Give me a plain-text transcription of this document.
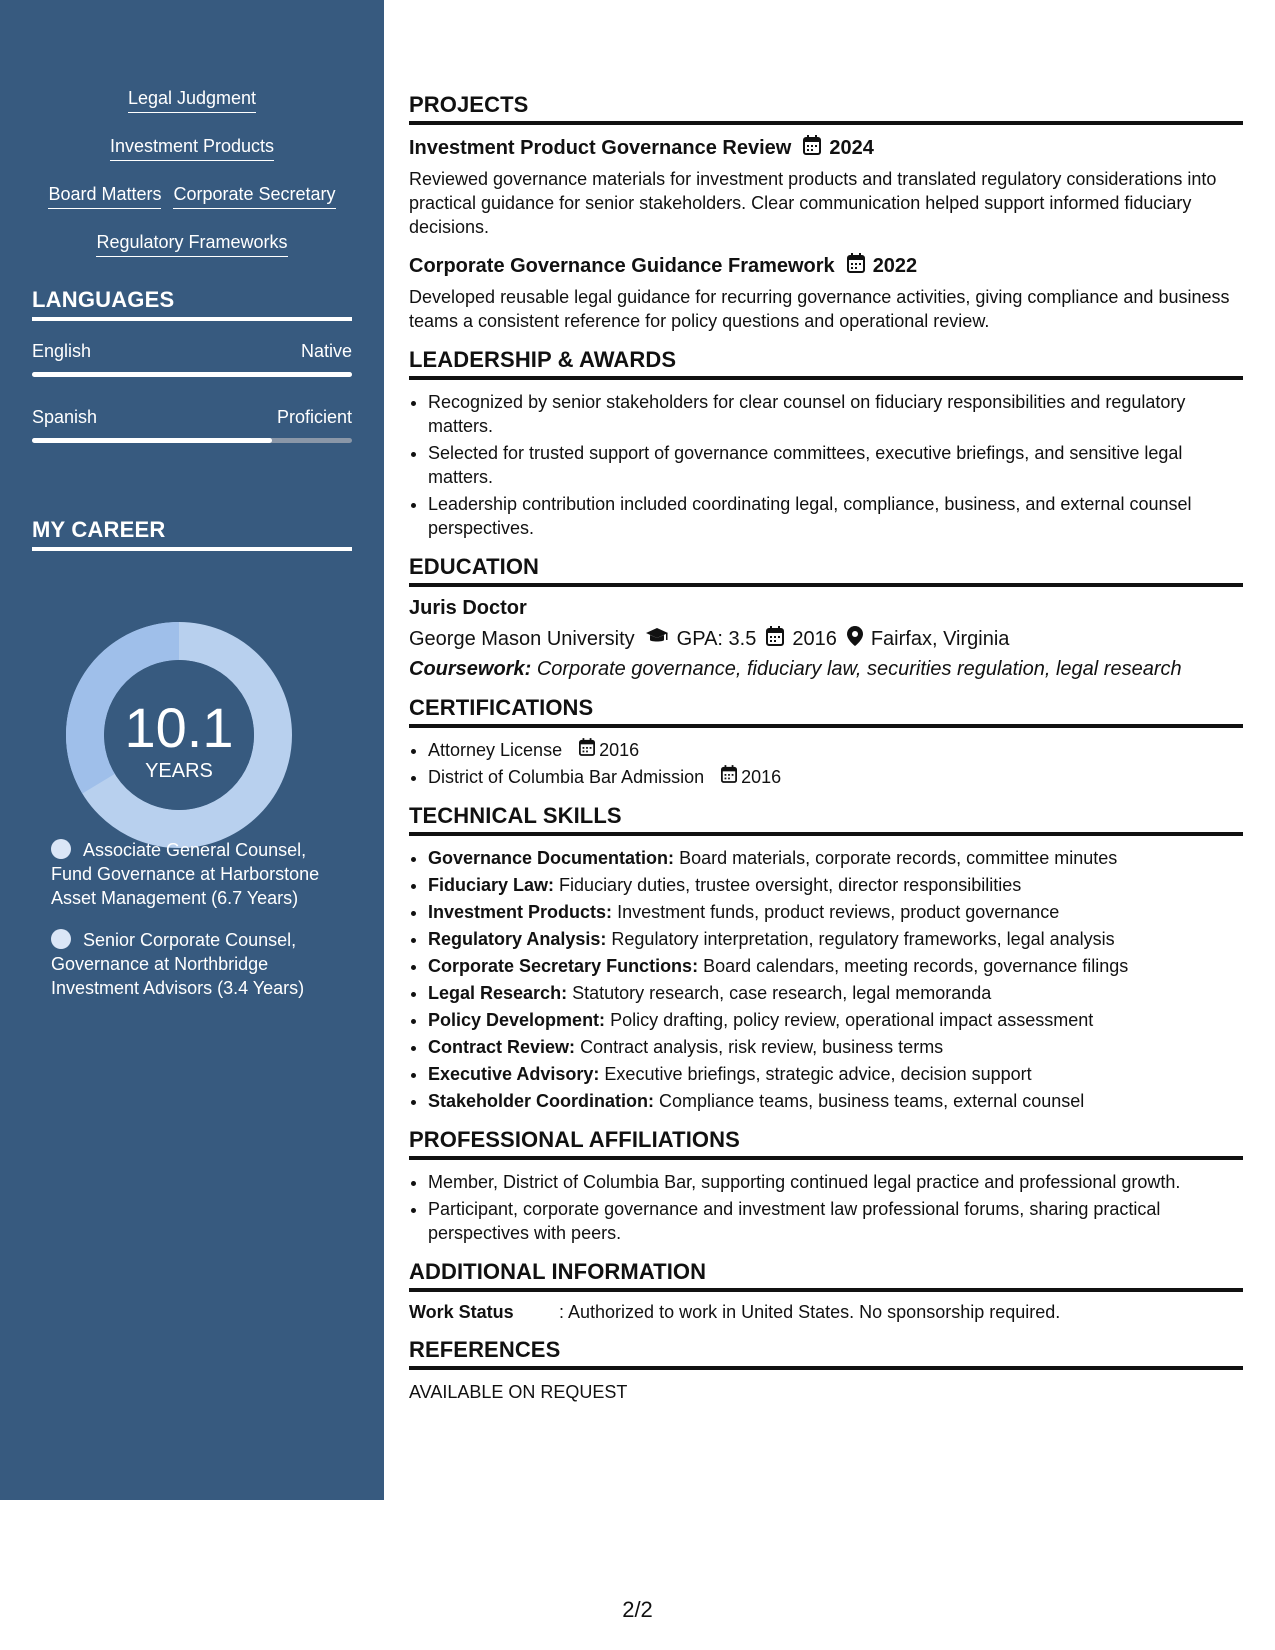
Legal Judgment
Investment Products
Board Matters Corporate Secretary
Regulatory Frameworks
LANGUAGES
English	Native
Spanish	Proficient
MY CAREER
10.1
YEARS
Associate General Counsel, Fund Governance at Harborstone Asset Management (6.7 Years)
Senior Corporate Counsel, Governance at Northbridge Investment Advisors (3.4 Years)
PROJECTS
Investment Product Governance Review 2024
Reviewed governance materials for investment products and translated regulatory considerations into practical guidance for senior stakeholders. Clear communication helped support informed fiduciary decisions.
Corporate Governance Guidance Framework 2022
Developed reusable legal guidance for recurring governance activities, giving compliance and business teams a consistent reference for policy questions and operational review.
LEADERSHIP & AWARDS
• Recognized by senior stakeholders for clear counsel on fiduciary responsibilities and regulatory matters.
• Selected for trusted support of governance committees, executive briefings, and sensitive legal matters.
• Leadership contribution included coordinating legal, compliance, business, and external counsel perspectives.
EDUCATION
Juris Doctor
George Mason University GPA: 3.5 2016 Fairfax, Virginia
Coursework: Corporate governance, fiduciary law, securities regulation, legal research
CERTIFICATIONS
• Attorney License 2016
• District of Columbia Bar Admission 2016
TECHNICAL SKILLS
• Governance Documentation: Board materials, corporate records, committee minutes
• Fiduciary Law: Fiduciary duties, trustee oversight, director responsibilities
• Investment Products: Investment funds, product reviews, product governance
• Regulatory Analysis: Regulatory interpretation, regulatory frameworks, legal analysis
• Corporate Secretary Functions: Board calendars, meeting records, governance filings
• Legal Research: Statutory research, case research, legal memoranda
• Policy Development: Policy drafting, policy review, operational impact assessment
• Contract Review: Contract analysis, risk review, business terms
• Executive Advisory: Executive briefings, strategic advice, decision support
• Stakeholder Coordination: Compliance teams, business teams, external counsel
PROFESSIONAL AFFILIATIONS
• Member, District of Columbia Bar, supporting continued legal practice and professional growth.
• Participant, corporate governance and investment law professional forums, sharing practical perspectives with peers.
ADDITIONAL INFORMATION
Work Status	: Authorized to work in United States. No sponsorship required.
REFERENCES
AVAILABLE ON REQUEST
2/2
